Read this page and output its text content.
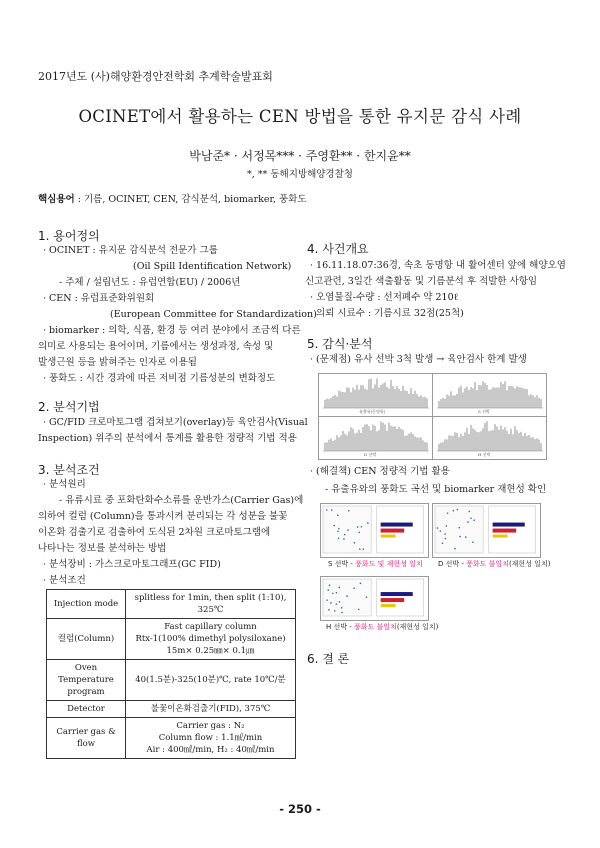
2017년도 (사)해양환경안전학회 추계학술발표회
OCINET에서 활용하는 CEN 방법을 통한 유지문 감식 사례
박남준* · 서정목*** · 주영환** · 한지윤**
*, ** 동해지방해양경찰청
핵심용어 : 기름, OCINET, CEN, 감식분석, biomarker, 풍화도
1. 용어정의
· OCINET : 유지문 감식분석 전문가 그룹
(Oil Spill Identification Network)
- 주체 / 설립년도 : 유럽연합(EU) / 2006년
· CEN : 유럽표준화위원회
(European Committee for Standardization)
· biomarker : 의학, 식품, 환경 등 여러 분야에서 조금씩 다른
의미로 사용되는 용어이며, 기름에서는 생성과정, 속성 및
발생근원 등을 밝혀주는 인자로 이용됨
· 풍화도 : 시간 경과에 따른 저비점 기름성분의 변화정도
2. 분석기법
· GC/FID 크로마토그램 겹쳐보기(overlay)등 육안검사(Visual
Inspection) 위주의 분석에서 통계를 활용한 정량적 기법 적용
3. 분석조건
· 분석원리
- 유류시료 중 포화탄화수소류를 운반가스(Carrier Gas)에
의하여 컬럼 (Column)을 통과시켜 분리되는 각 성분을 불꽃
이온화 검출기로 검출하여 도식된 2차원 크로마토그램에
나타나는 정보를 분석하는 방법
· 분석장비 : 가스크로마토그래프(GC FID)
· 분석조건
Injection mode	splitless for 1min, then split (1:10), 325℃
컬럼(Column)	Fast capillary column
Rtx-1(100% dimethyl polysiloxane)
15m× 0.25㎜× 0.1㎛

Oven Temperature
program	40(1.5분)-325(10분)℃, rate 10℃/분
Detector	불꽃이온화검출기(FID), 375℃
Carrier gas & flow	Carrier gas : N₂
Column flow : 1.1㎖/min
Air : 400㎖/min, H₂ : 40㎖/min
4. 사건개요
· 16.11.18.07:36경, 속초 동명항 내 활어센터 앞에 해양오염
신고관련, 3일간 색출활동 및 기름분석 후 적발한 사항임
· 오염물질-수량 : 선저폐수 약 210ℓ
· 의뢰 시료수 : 기름시료 32점(25척)
5. 감식·분석
· (문제점) 유사 선박 3척 발생 → 육안검사 한계 발생
유출유(동명항)	S 선박
D 선박	H 선박
· (해결책) CEN 정량적 기법 활용
- 유출유와의 풍화도 곡선 및 biomarker 재현성 확인
S 선박 - 풍화도 및 재현성 일치 D 선박 - 풍화도 불일치(재현성 일치)
H 선박 - 풍화도 불일치(재현성 일치)
6. 결 론
- 250 -
